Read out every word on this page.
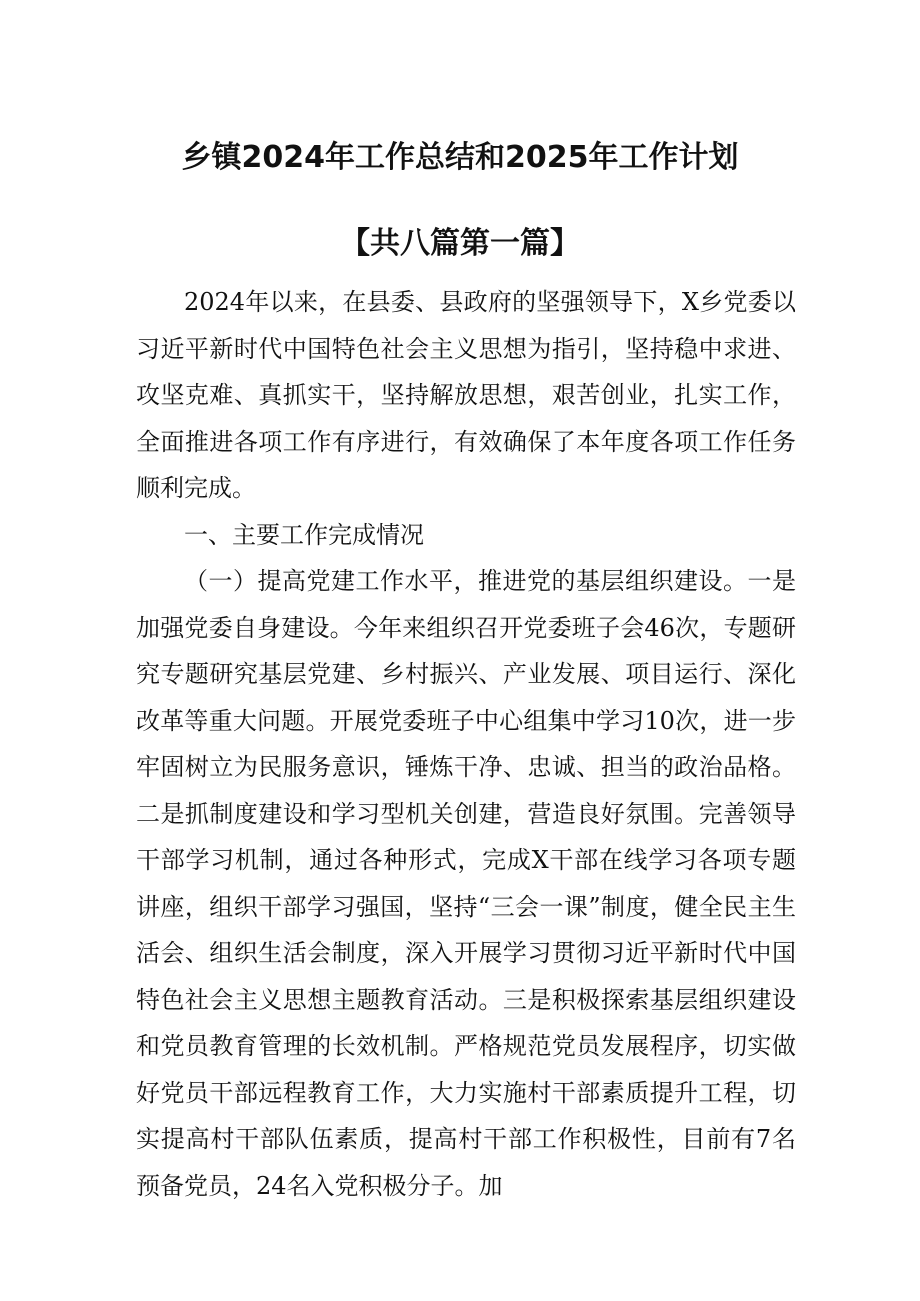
乡镇2024年工作总结和2025年工作计划
【共八篇第一篇】

2024年以来，在县委、县政府的坚强领导下，X乡党委以习近平新时代中国特色社会主义思想为指引，坚持稳中求进、攻坚克难、真抓实干，坚持解放思想，艰苦创业，扎实工作，全面推进各项工作有序进行，有效确保了本年度各项工作任务顺利完成。

一、主要工作完成情况

（一）提高党建工作水平，推进党的基层组织建设。一是加强党委自身建设。今年来组织召开党委班子会46次，专题研究专题研究基层党建、乡村振兴、产业发展、项目运行、深化改革等重大问题。开展党委班子中心组集中学习10次，进一步牢固树立为民服务意识，锤炼干净、忠诚、担当的政治品格。二是抓制度建设和学习型机关创建，营造良好氛围。完善领导干部学习机制，通过各种形式，完成X干部在线学习各项专题讲座，组织干部学习强国，坚持“三会一课”制度，健全民主生活会、组织生活会制度，深入开展学习贯彻习近平新时代中国特色社会主义思想主题教育活动。三是积极探索基层组织建设和党员教育管理的长效机制。严格规范党员发展程序，切实做好党员干部远程教育工作，大力实施村干部素质提升工程，切实提高村干部队伍素质，提高村干部工作积极性，目前有7名预备党员，24名入党积极分子。加
